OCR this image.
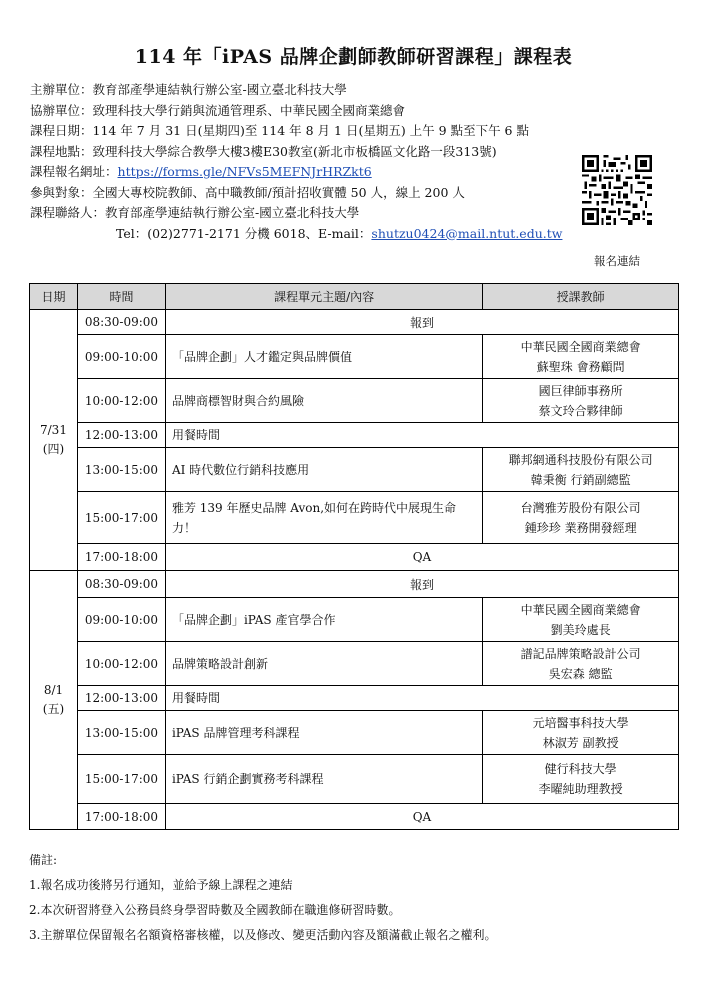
114 年「iPAS 品牌企劃師教師研習課程」課程表
主辦單位：教育部產學連結執行辦公室-國立臺北科技大學
協辦單位：致理科技大學行銷與流通管理系、中華民國全國商業總會
課程日期：114 年 7 月 31 日(星期四)至 114 年 8 月 1 日(星期五) 上午 9 點至下午 6 點
課程地點：致理科技大學綜合教學大樓3樓E30教室(新北市板橋區文化路一段313號)
課程報名網址：https://forms.gle/NFVs5MEFNJrHRZkt6
參與對象：全國大專校院教師、高中職教師/預計招收實體 50 人，線上 200 人
課程聯絡人：教育部產學連結執行辦公室-國立臺北科技大學
Tel：(02)2771-2171 分機 6018、E-mail：shutzu0424@mail.ntut.edu.tw
報名連結
日期	時間	課程單元主題/內容	授課教師

7/31
(四)	08:30-09:00	報到	
	09:00-10:00	「品牌企劃」人才鑑定與品牌價值	中華民國全國商業總會
蘇聖珠 會務顧問

	10:00-12:00	品牌商標智財與合約風險	國巨律師事務所
蔡文玲合夥律師

	12:00-13:00	用餐時間	
	13:00-15:00	AI 時代數位行銷科技應用	聯邦網通科技股份有限公司
韓秉衡 行銷副總監

	15:00-17:00	雅芳 139 年歷史品牌 Avon,如何在跨時代中展現生命力！	台灣雅芳股份有限公司
鍾珍珍 業務開發經理

	17:00-18:00	QA	

8/1
(五)	08:30-09:00	報到	
	09:00-10:00	「品牌企劃」iPAS 產官學合作	中華民國全國商業總會
劉美玲處長

	10:00-12:00	品牌策略設計創新	譜記品牌策略設計公司
吳宏森 總監

	12:00-13:00	用餐時間	
	13:00-15:00	iPAS 品牌管理考科課程	元培醫事科技大學
林淑芳 副教授

	15:00-17:00	iPAS 行銷企劃實務考科課程	健行科技大學
李曜純助理教授

	17:00-18:00	QA	
備註:
1.報名成功後將另行通知，並給予線上課程之連結
2.本次研習將登入公務員終身學習時數及全國教師在職進修研習時數。
3.主辦單位保留報名名額資格審核權，以及修改、變更活動內容及額滿截止報名之權利。
